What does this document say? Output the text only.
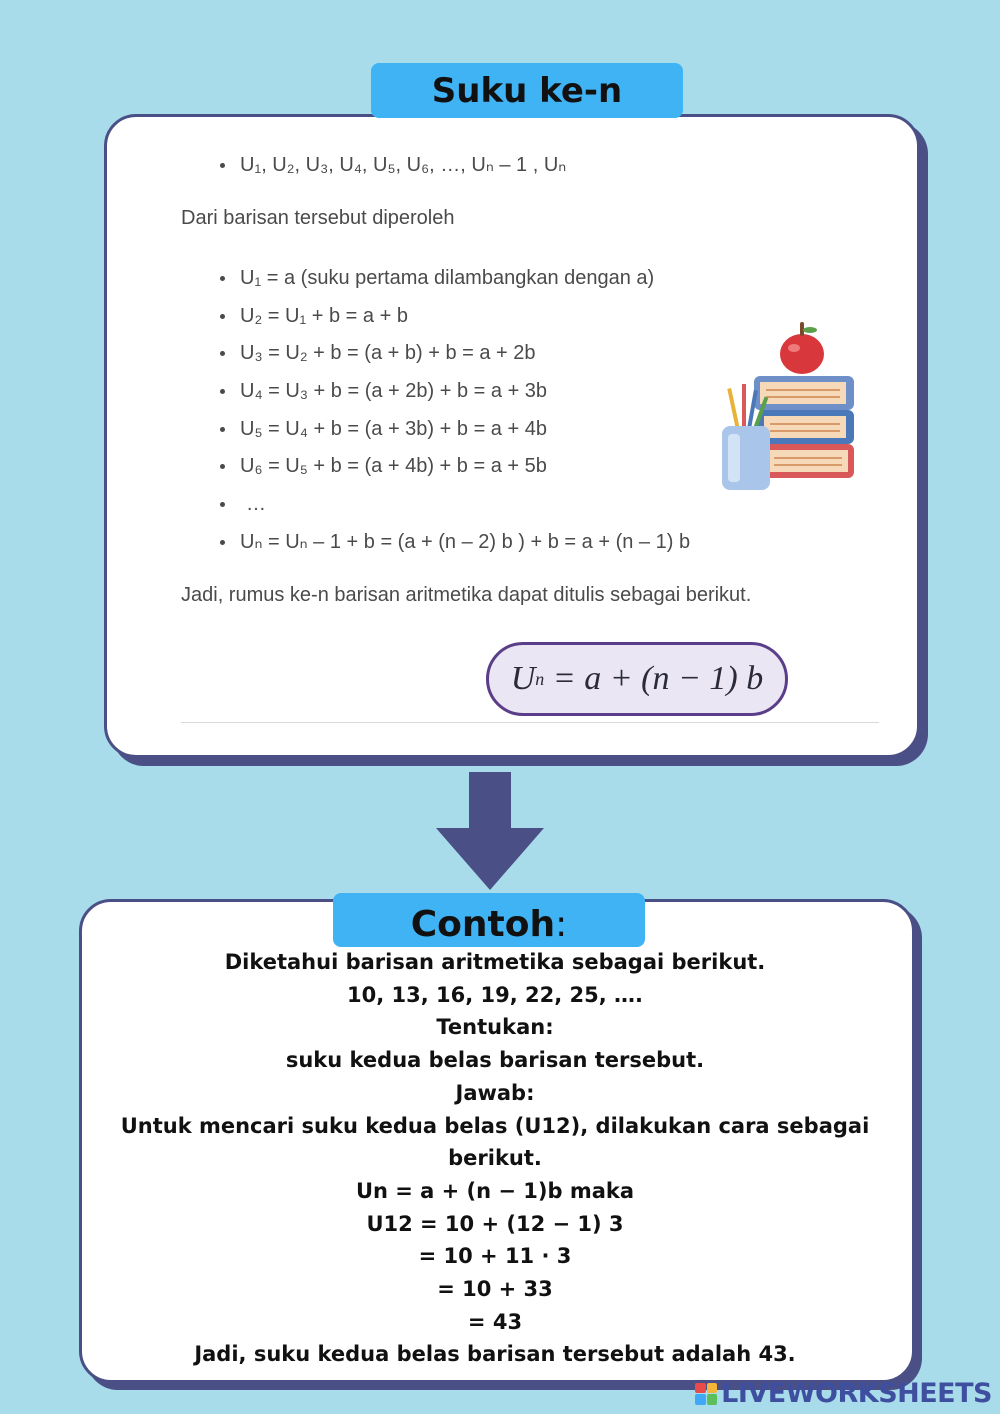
Suku ke-n
U₁, U₂, U₃, U₄, U₅, U₆, …, Uₙ – 1 , Uₙ
Dari barisan tersebut diperoleh
U₁ = a (suku pertama dilambangkan dengan a)
U₂ = U₁ + b = a + b
U₃ = U₂ + b = (a + b) + b = a + 2b
U₄ = U₃ + b = (a + 2b) + b = a + 3b
U₅ = U₄ + b = (a + 3b) + b = a + 4b
U₆ = U₅ + b = (a + 4b) + b = a + 5b
…
Uₙ = Uₙ – 1 + b = (a + (n – 2) b ) + b = a + (n – 1) b
Jadi, rumus ke-n barisan aritmetika dapat ditulis sebagai berikut.
U n = a + (n − 1) b
Contoh :
Diketahui barisan aritmetika sebagai berikut.
10, 13, 16, 19, 22, 25, ….
Tentukan:
suku kedua belas barisan tersebut.
Jawab:
Untuk mencari suku kedua belas (U12), dilakukan cara sebagai berikut.
Un = a + (n − 1)b maka
U12 = 10 + (12 − 1) 3
= 10 + 11 · 3
= 10 + 33
= 43
Jadi, suku kedua belas barisan tersebut adalah 43.
LIVEWORKSHEETS
